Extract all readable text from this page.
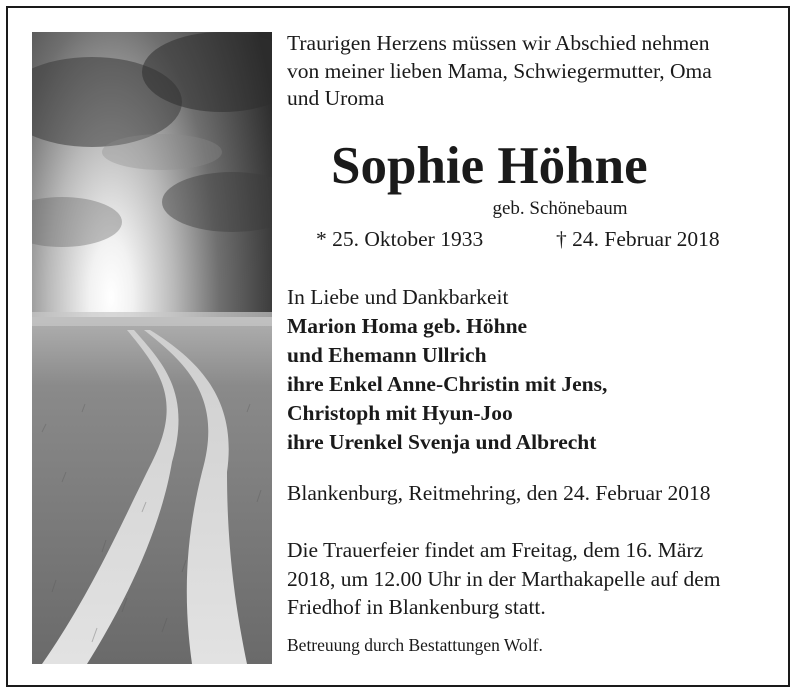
Traurigen Herzens müssen wir Abschied nehmen
von meiner lieben Mama, Schwiegermutter, Oma
und Uroma
Sophie Höhne
geb. Schönebaum
* 25. Oktober 1933	† 24. Februar 2018
In Liebe und Dankbarkeit
Marion Homa geb. Höhne
und Ehemann Ullrich
ihre Enkel Anne-Christin mit Jens,
Christoph mit Hyun-Joo
ihre Urenkel Svenja und Albrecht
Blankenburg, Reitmehring, den 24. Februar 2018
Die Trauerfeier findet am Freitag, dem 16. März
2018, um 12.00 Uhr in der Marthakapelle auf dem
Friedhof in Blankenburg statt.
Betreuung durch Bestattungen Wolf.
